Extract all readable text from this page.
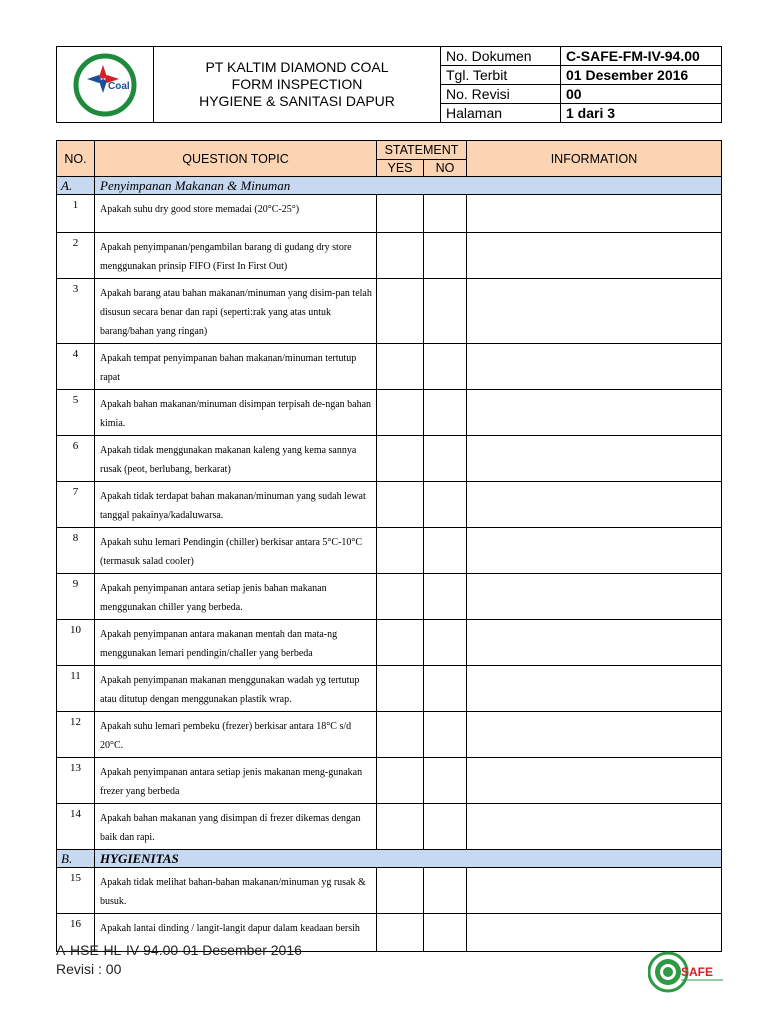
Coal	PT KALTIM DIAMOND COAL
FORM INSPECTION
HYGIENE & SANITASI DAPUR	No. Dokumen	C-SAFE-FM-IV-94.00
		Tgl. Terbit	01 Desember 2016
		No. Revisi	00
		Halaman	1 dari 3
NO.	QUESTION TOPIC	STATEMENT		INFORMATION
		YES	NO	
A.	Penyimpanan Makanan & Minuman			
1	Apakah suhu dry good store memadai (20°C-25°)			
2	Apakah penyimpanan/pengambilan barang di gudang dry store menggunakan prinsip FIFO (First In First Out)			
3	Apakah barang atau bahan makanan/minuman yang disim-pan telah disusun secara benar dan rapi (seperti:rak yang atas untuk barang/bahan yang ringan)			
4	Apakah tempat penyimpanan bahan makanan/minuman tertutup rapat			
5	Apakah bahan makanan/minuman disimpan terpisah de-ngan bahan kimia.			
6	Apakah tidak menggunakan makanan kaleng yang kema sannya rusak (peot, berlubang, berkarat)			
7	Apakah tidak terdapat bahan makanan/minuman yang sudah lewat tanggal pakainya/kadaluwarsa.			
8	Apakah suhu lemari Pendingin (chiller) berkisar antara 5°C-10°C (termasuk salad cooler)			
9	Apakah penyimpanan antara setiap jenis bahan makanan menggunakan chiller yang berbeda.			
10	Apakah penyimpanan antara makanan mentah dan mata-ng menggunakan lemari pendingin/challer yang berbeda			
11	Apakah penyimpanan makanan menggunakan wadah yg tertutup atau ditutup dengan menggunakan plastik wrap.			
12	Apakah suhu lemari pembeku (frezer) berkisar antara 18°C s/d 20°C.			
13	Apakah penyimpanan antara setiap jenis makanan meng-gunakan frezer yang berbeda			
14	Apakah bahan makanan yang disimpan di frezer dikemas dengan baik dan rapi.			
B.	HYGIENITAS			
15	Apakah tidak melihat bahan-bahan makanan/minuman yg rusak & busuk.			
16	Apakah lantai dinding / langit-langit dapur dalam keadaan bersih			
A-HSE-HL-IV-94.00-01 Desember 2016
Revisi : 00	SAFE
